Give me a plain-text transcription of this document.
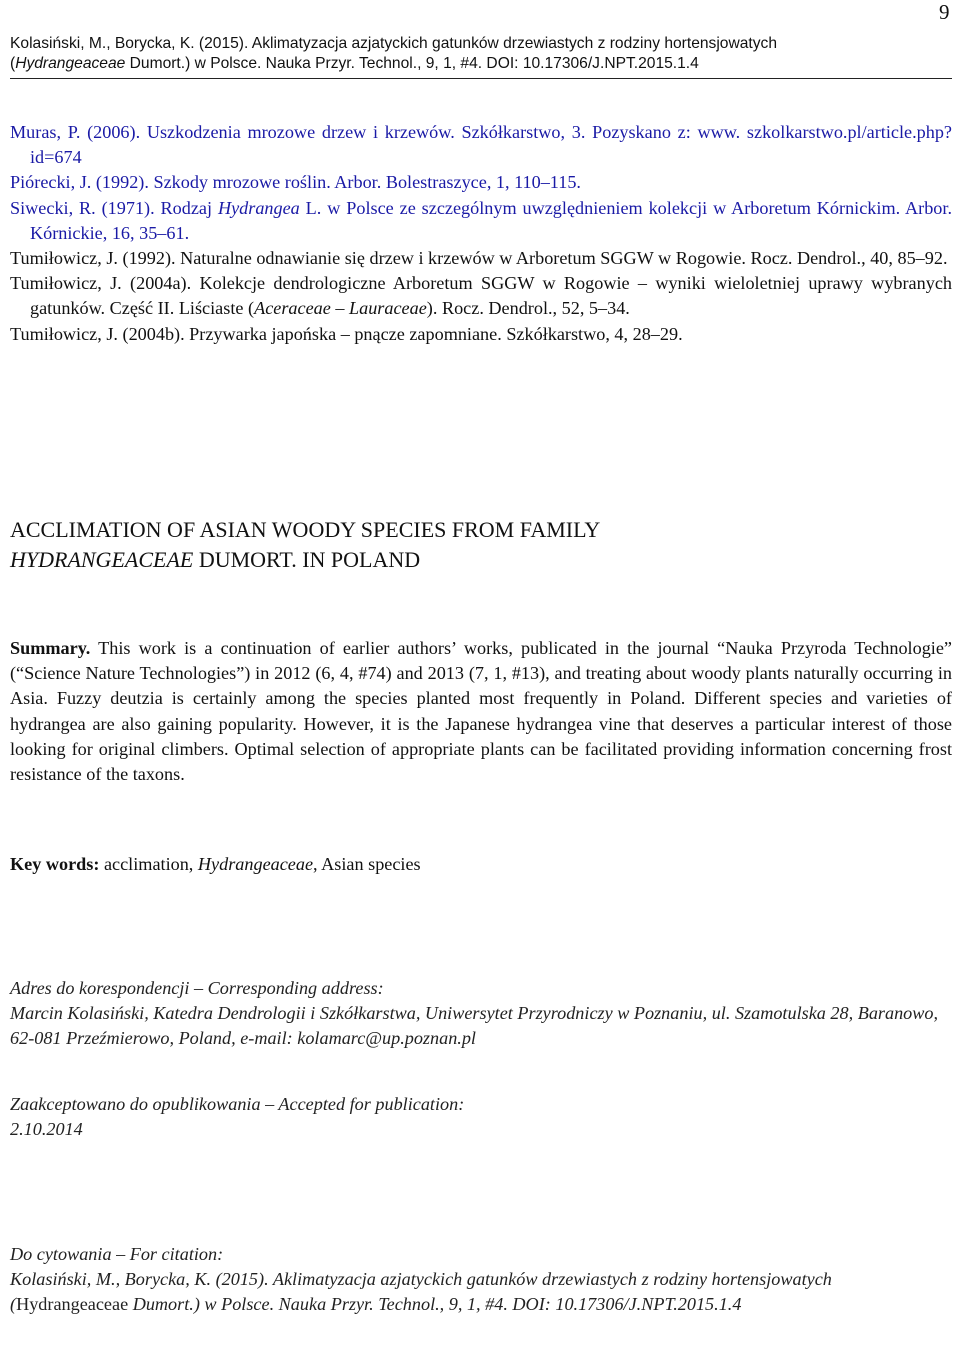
9
Kolasiński, M., Borycka, K. (2015). Aklimatyzacja azjatyckich gatunków drzewiastych z rodziny hortensjowatych
(Hydrangeaceae Dumort.) w Polsce. Nauka Przyr. Technol., 9, 1, #4. DOI: 10.17306/J.NPT.2015.1.4
Muras, P. (2006). Uszkodzenia mrozowe drzew i krzewów. Szkółkarstwo, 3. Pozyskano z: www. szkolkarstwo.pl/article.php?id=674
Piórecki, J. (1992). Szkody mrozowe roślin. Arbor. Bolestraszyce, 1, 110–115.
Siwecki, R. (1971). Rodzaj Hydrangea L. w Polsce ze szczególnym uwzględnieniem kolekcji w Arboretum Kórnickim. Arbor. Kórnickie, 16, 35–61.
Tumiłowicz, J. (1992). Naturalne odnawianie się drzew i krzewów w Arboretum SGGW w Rogowie. Rocz. Dendrol., 40, 85–92.
Tumiłowicz, J. (2004a). Kolekcje dendrologiczne Arboretum SGGW w Rogowie – wyniki wieloletniej uprawy wybranych gatunków. Część II. Liściaste (Aceraceae – Lauraceae). Rocz. Dendrol., 52, 5–34.
Tumiłowicz, J. (2004b). Przywarka japońska – pnącze zapomniane. Szkółkarstwo, 4, 28–29.
ACCLIMATION OF ASIAN WOODY SPECIES FROM FAMILY
HYDRANGEACEAE DUMORT. IN POLAND
Summary. This work is a continuation of earlier authors’ works, publicated in the journal “Nauka Przyroda Technologie” (“Science Nature Technologies”) in 2012 (6, 4, #74) and 2013 (7, 1, #13), and treating about woody plants naturally occurring in Asia. Fuzzy deutzia is certainly among the species planted most frequently in Poland. Different species and varieties of hydrangea are also gaining popularity. However, it is the Japanese hydrangea vine that deserves a particular interest of those looking for original climbers. Optimal selection of appropriate plants can be facilitated providing information concerning frost resistance of the taxons.
Key words: acclimation, Hydrangeaceae, Asian species
Adres do korespondencji – Corresponding address:
Marcin Kolasiński, Katedra Dendrologii i Szkółkarstwa, Uniwersytet Przyrodniczy w Poznaniu, ul. Szamotulska 28, Baranowo, 62-081 Przeźmierowo, Poland, e-mail: kolamarc@up.poznan.pl
Zaakceptowano do opublikowania – Accepted for publication:
2.10.2014
Do cytowania – For citation:
Kolasiński, M., Borycka, K. (2015). Aklimatyzacja azjatyckich gatunków drzewiastych z rodziny hortensjowatych (Hydrangeaceae Dumort.) w Polsce. Nauka Przyr. Technol., 9, 1, #4. DOI: 10.17306/J.NPT.2015.1.4
